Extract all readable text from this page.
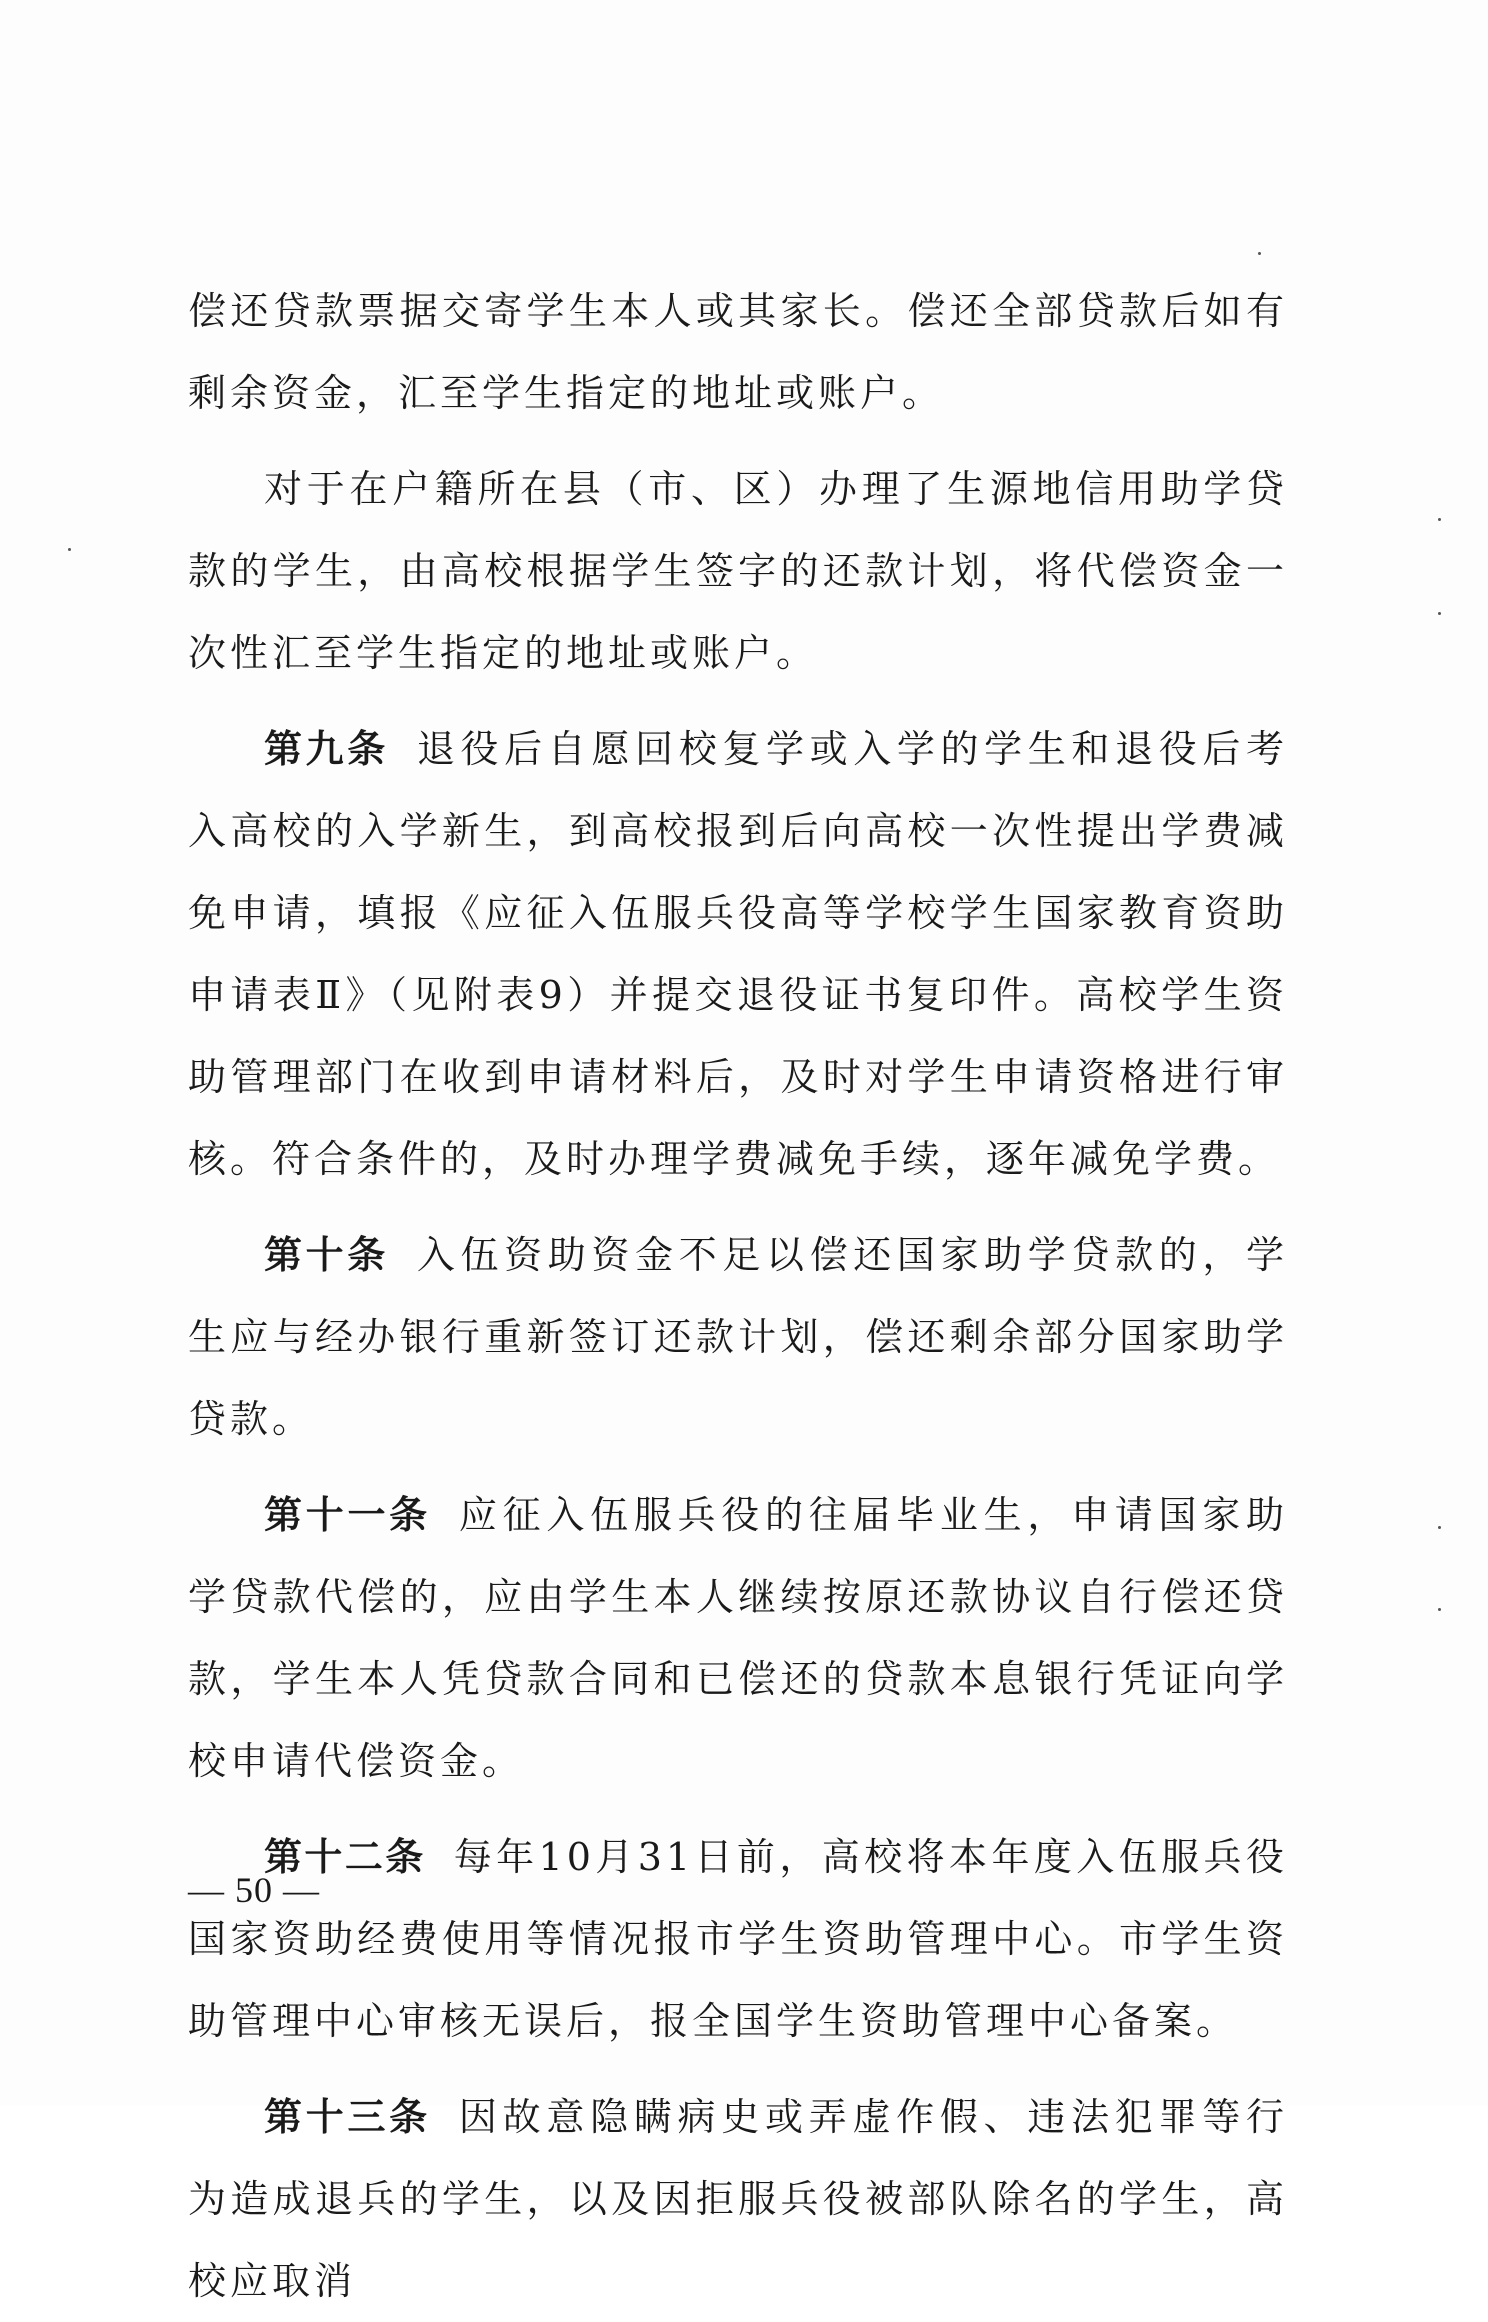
偿还贷款票据交寄学生本人或其家长。偿还全部贷款后如有剩余资金，汇至学生指定的地址或账户。

对于在户籍所在县（市、区）办理了生源地信用助学贷款的学生，由高校根据学生签字的还款计划，将代偿资金一次性汇至学生指定的地址或账户。

第九条 退役后自愿回校复学或入学的学生和退役后考入高校的入学新生，到高校报到后向高校一次性提出学费减免申请，填报《应征入伍服兵役高等学校学生国家教育资助申请表Ⅱ》（见附表9）并提交退役证书复印件。高校学生资助管理部门在收到申请材料后，及时对学生申请资格进行审核。符合条件的，及时办理学费减免手续，逐年减免学费。

第十条 入伍资助资金不足以偿还国家助学贷款的，学生应与经办银行重新签订还款计划，偿还剩余部分国家助学贷款。

第十一条 应征入伍服兵役的往届毕业生，申请国家助学贷款代偿的，应由学生本人继续按原还款协议自行偿还贷款，学生本人凭贷款合同和已偿还的贷款本息银行凭证向学校申请代偿资金。

第十二条 每年10月31日前，高校将本年度入伍服兵役国家资助经费使用等情况报市学生资助管理中心。市学生资助管理中心审核无误后，报全国学生资助管理中心备案。

第十三条 因故意隐瞒病史或弄虚作假、违法犯罪等行为造成退兵的学生，以及因拒服兵役被部队除名的学生，高校应取消

— 50 —
